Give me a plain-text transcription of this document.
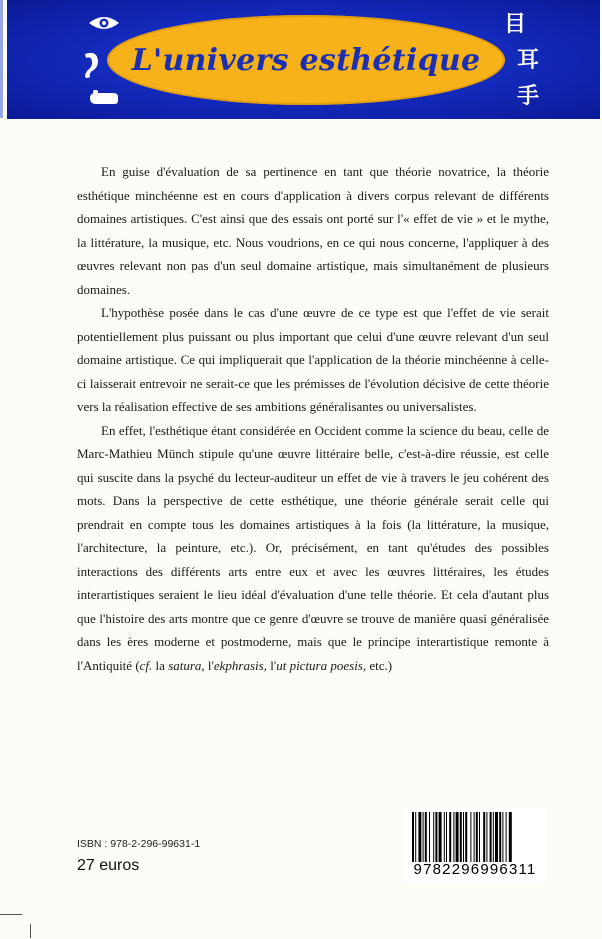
L'univers esthétique
目
耳
手

En guise d'évaluation de sa pertinence en tant que théorie novatrice, la théorie esthétique minchéenne est en cours d'application à divers corpus relevant de différents domaines artistiques. C'est ainsi que des essais ont porté sur l'« effet de vie » et le mythe, la littérature, la musique, etc. Nous voudrions, en ce qui nous concerne, l'appliquer à des œuvres relevant non pas d'un seul domaine artistique, mais simultanément de plusieurs domaines.

L'hypothèse posée dans le cas d'une œuvre de ce type est que l'effet de vie serait potentiellement plus puissant ou plus important que celui d'une œuvre relevant d'un seul domaine artistique. Ce qui impliquerait que l'application de la théorie minchéenne à celle-ci laisserait entrevoir ne serait-ce que les prémisses de l'évolution décisive de cette théorie vers la réalisation effective de ses ambitions généralisantes ou universalistes.

En effet, l'esthétique étant considérée en Occident comme la science du beau, celle de Marc-Mathieu Münch stipule qu'une œuvre littéraire belle, c'est-à-dire réussie, est celle qui suscite dans la psyché du lecteur-auditeur un effet de vie à travers le jeu cohérent des mots. Dans la perspective de cette esthétique, une théorie générale serait celle qui prendrait en compte tous les domaines artistiques à la fois (la littérature, la musique, l'architecture, la peinture, etc.). Or, précisément, en tant qu'études des possibles interactions des différents arts entre eux et avec les œuvres littéraires, les études interartistiques seraient le lieu idéal d'évaluation d'une telle théorie. Et cela d'autant plus que l'histoire des arts montre que ce genre d'œuvre se trouve de manière quasi généralisée dans les ères moderne et postmoderne, mais que le principe interartistique remonte à l'Antiquité (cf. la satura, l'ekphrasis, l'ut pictura poesis, etc.)

ISBN : 978-2-296-99631-1
27 euros	9782296996311
